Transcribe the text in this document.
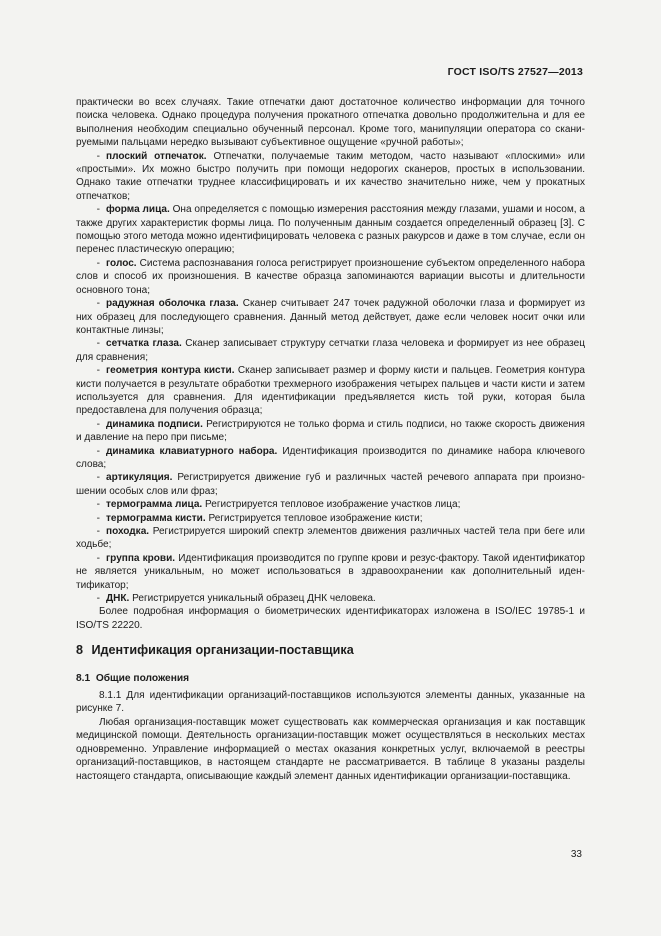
ГОСТ ISO/TS 27527—2013

практически во всех случаях. Такие отпечатки дают достаточное количество информации для точного поиска человека. Однако процедура получения прокатного отпечатка довольно продолжительна и для ее выполнения необходим специально обученный персонал. Кроме того, манипуляции оператора со сканируемыми пальцами нередко вызывают субъективное ощущение «ручной работы»;

- плоский отпечаток. Отпечатки, получаемые таким методом, часто называют «плоскими» или «простыми». Их можно быстро получить при помощи недорогих сканеров, простых в использовании. Однако такие отпечатки труднее классифицировать и их качество значительно ниже, чем у прокатных отпечатков;

- форма лица. Она определяется с помощью измерения расстояния между глазами, ушами и носом, а также других характеристик формы лица. По полученным данным создается определенный образец [3]. С помощью этого метода можно идентифицировать человека с разных ракурсов и даже в том случае, если он перенес пластическую операцию;

- голос. Система распознавания голоса регистрирует произношение субъектом определенного набора слов и способ их произношения. В качестве образца запоминаются вариации высоты и длительности основного тона;

- радужная оболочка глаза. Сканер считывает 247 точек радужной оболочки глаза и формирует из них образец для последующего сравнения. Данный метод действует, даже если человек носит очки или контактные линзы;

- сетчатка глаза. Сканер записывает структуру сетчатки глаза человека и формирует из нее образец для сравнения;

- геометрия контура кисти. Сканер записывает размер и форму кисти и пальцев. Геометрия контура кисти получается в результате обработки трехмерного изображения четырех пальцев и части кисти и затем используется для сравнения. Для идентификации предъявляется кисть той руки, которая была предоставлена для получения образца;

- динамика подписи. Регистрируются не только форма и стиль подписи, но также скорость движения и давление на перо при письме;

- динамика клавиатурного набора. Идентификация производится по динамике набора ключевого слова;

- артикуляция. Регистрируется движение губ и различных частей речевого аппарата при произношении особых слов или фраз;

- термограмма лица. Регистрируется тепловое изображение участков лица;

- термограмма кисти. Регистрируется тепловое изображение кисти;

- походка. Регистрируется широкий спектр элементов движения различных частей тела при беге или ходьбе;

- группа крови. Идентификация производится по группе крови и резус-фактору. Такой идентификатор не является уникальным, но может использоваться в здравоохранении как дополнительный идентификатор;

- ДНК. Регистрируется уникальный образец ДНК человека.

Более подробная информация о биометрических идентификаторах изложена в ISO/IEC 19785-1 и ISO/TS 22220.

8 Идентификация организации-поставщика
8.1 Общие положения

8.1.1 Для идентификации организаций-поставщиков используются элементы данных, указанные на рисунке 7.

Любая организация-поставщик может существовать как коммерческая организация и как поставщик медицинской помощи. Деятельность организации-поставщик может осуществляться в нескольких местах одновременно. Управление информацией о местах оказания конкретных услуг, включаемой в реестры организаций-поставщиков, в настоящем стандарте не рассматривается. В таблице 8 указаны разделы настоящего стандарта, описывающие каждый элемент данных идентификации организации-поставщика.

33
